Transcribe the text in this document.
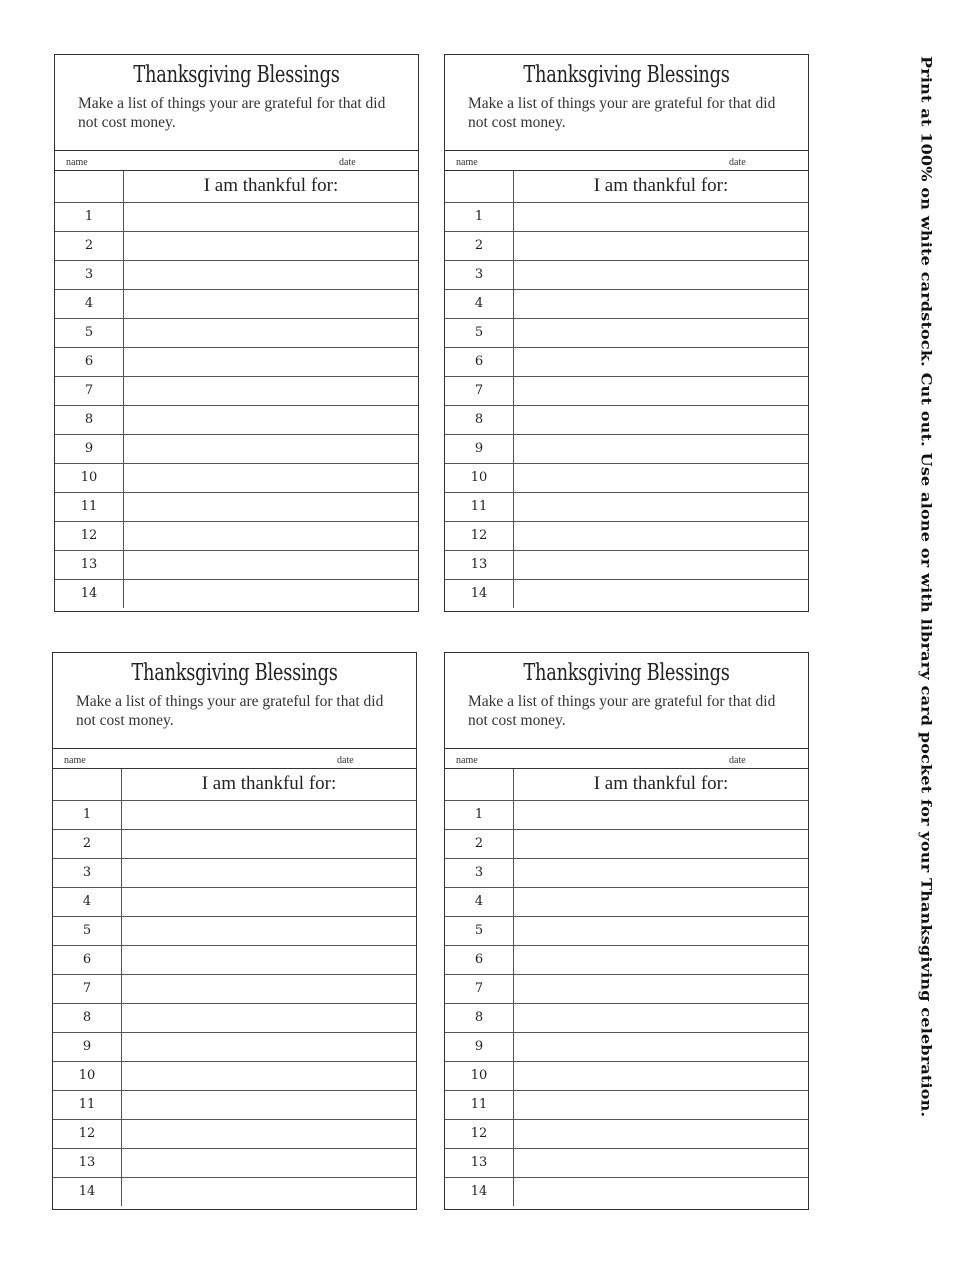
Thanksgiving Blessings
Make a list of things your are grateful for that did not cost money.
name	date
	I am thankful for:
1	
2	
3	
4	
5	
6	
7	
8	
9	
10	
11	
12	
13	
14	
Thanksgiving Blessings
Make a list of things your are grateful for that did not cost money.
name	date
	I am thankful for:
1	
2	
3	
4	
5	
6	
7	
8	
9	
10	
11	
12	
13	
14	
Thanksgiving Blessings
Make a list of things your are grateful for that did not cost money.
name	date
	I am thankful for:
1	
2	
3	
4	
5	
6	
7	
8	
9	
10	
11	
12	
13	
14	
Thanksgiving Blessings
Make a list of things your are grateful for that did not cost money.
name	date
	I am thankful for:
1	
2	
3	
4	
5	
6	
7	
8	
9	
10	
11	
12	
13	
14	
Print at 100% on white cardstock. Cut out. Use alone or with library card pocket for your Thanksgiving celebration.
